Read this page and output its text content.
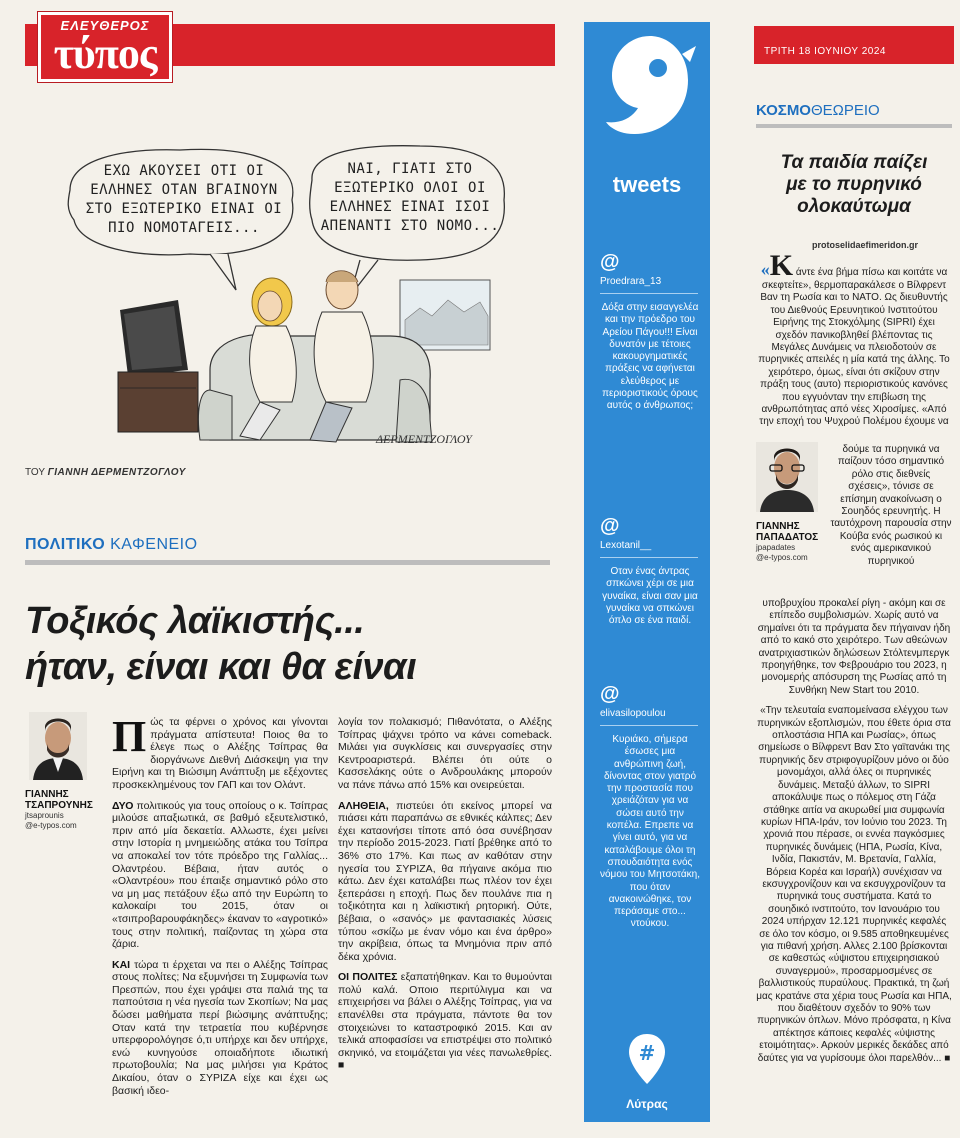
ΕΛΕΥΘΕΡΟΣ
τύπος
ΕΧΩ ΑΚΟΥΣΕΙ ΟΤΙ ΟΙ ΕΛΛΗΝΕΣ ΟΤΑΝ ΒΓΑΙΝΟΥΝ ΣΤΟ ΕΞΩΤΕΡΙΚΟ ΕΙΝΑΙ ΟΙ ΠΙΟ ΝΟΜΟΤΑΓΕΙΣ...
ΝΑΙ, ΓΙΑΤΙ ΣΤΟ ΕΞΩΤΕΡΙΚΟ ΟΛΟΙ ΟΙ ΕΛΛΗΝΕΣ ΕΙΝΑΙ ΙΣΟΙ ΑΠΕΝΑΝΤΙ ΣΤΟ ΝΟΜΟ...
ΔΕΡΜΕΝΤΖΟΓΛΟΥ
ΤΟΥ ΓΙΑΝΝΗ ΔΕΡΜΕΝΤΖΟΓΛΟΥ
ΠΟΛΙΤΙΚΟ ΚΑΦΕΝΕΙΟ
Τοξικός λαϊκιστής...
ήταν, είναι και θα είναι
ΓΙΑΝΝΗΣ
ΤΣΑΠΡΟΥΝΗΣ
jtsaprounis
@e-typos.com

Πώς τα φέρνει ο χρόνος και γίνονται πράγματα απίστευτα! Ποιος θα το έλεγε πως ο Αλέξης Τσίπρας θα διοργάνωνε Διεθνή Διάσκεψη για την Ειρήνη και τη Βιώσιμη Ανάπτυξη με εξέχοντες προσκεκλημένους τον ΓΑΠ και τον Ολάντ.

ΔΥΟ πολιτικούς για τους οποίους ο κ. Τσίπρας μιλούσε απαξιωτικά, σε βαθμό εξευτελιστικό, πριν από μία δεκαετία. Αλλωστε, έχει μείνει στην Ιστορία η μνημειώδης ατάκα του Τσίπρα να αποκαλεί τον τότε πρόεδρο της Γαλλίας... Ολαντρέου. Βέβαια, ήταν αυτός ο «Ολαντρέου» που έπαιξε σημαντικό ρόλο στο να μη μας πετάξουν έξω από την Ευρώπη το καλοκαίρι του 2015, όταν οι «τσιπροβαρουφάκηδες» έκαναν το «αγροτικό» τους στην πολιτική, παίζοντας τη χώρα στα ζάρια.

ΚΑΙ τώρα τι έρχεται να πει ο Αλέξης Τσίπρας στους πολίτες; Να εξυμνήσει τη Συμφωνία των Πρεσπών, που έχει γράψει στα παλιά της τα παπούτσια η νέα ηγεσία των Σκοπίων; Να μας δώσει μαθήματα περί βιώσιμης ανάπτυξης; Οταν κατά την τετραετία που κυβέρνησε υπερφορολόγησε ό,τι υπήρχε και δεν υπήρχε, ενώ κυνηγούσε οποιαδήποτε ιδιωτική πρωτοβουλία; Να μας μιλήσει για Κράτος Δικαίου, όταν ο ΣΥΡΙΖΑ είχε και έχει ως βασική ιδεο-

λογία τον πολακισμό; Πιθανότατα, ο Αλέξης Τσίπρας ψάχνει τρόπο να κάνει comeback. Μιλάει για συγκλίσεις και συνεργασίες στην Κεντροαριστερά. Βλέπει ότι ούτε ο Κασσελάκης ούτε ο Ανδρουλάκης μπορούν να πάνε πάνω από 15% και ονειρεύεται.

ΑΛΗΘΕΙΑ, πιστεύει ότι εκείνος μπορεί να πιάσει κάτι παραπάνω σε εθνικές κάλπες; Δεν έχει καταονήσει τίποτε από όσα συνέβησαν την περίοδο 2015-2023. Γιατί βρέθηκε από το 36% στο 17%. Και πως αν καθόταν στην ηγεσία του ΣΥΡΙΖΑ, θα πήγαινε ακόμα πιο κάτω. Δεν έχει καταλάβει πως πλέον τον έχει ξεπεράσει η εποχή. Πως δεν πουλάνε πια η τοξικότητα και η λαϊκιστική ρητορική. Ούτε, βέβαια, ο «σανός» με φαντασιακές λύσεις τύπου «σκίζω με έναν νόμο και ένα άρθρο» την ακρίβεια, όπως τα Μνημόνια πριν από δέκα χρόνια.

ΟΙ ΠΟΛΙΤΕΣ εξαπατήθηκαν. Και το θυμούνται πολύ καλά. Οποιο περιτύλιγμα και να επιχειρήσει να βάλει ο Αλέξης Τσίπρας, για να επανέλθει στα πράγματα, πάντοτε θα τον στοιχειώνει το καταστροφικό 2015. Και αν τελικά αποφασίσει να επιστρέψει στο πολιτικό σκηνικό, να ετοιμάζεται για νέες πανωλεθρίες. ■

tweets
@
Proedrara_13
Δόξα στην εισαγγελέα και την πρόεδρο του Αρείου Πάγου!!! Είναι δυνατόν με τέτοιες κακουργηματικές πράξεις να αφήνεται ελεύθερος με περιοριστικούς όρους αυτός ο άνθρωπος;
@
Lexotanil__
Οταν ένας άντρας σπκώνει χέρι σε μια γυναίκα, είναι σαν μια γυναίκα να σπκώνει όπλο σε ένα παιδί.
@
elivasilopoulou
Κυριάκο, σήμερα έσωσες μια ανθρώπινη ζωή, δίνοντας στον γιατρό την προστασία που χρειάζόταν για να σώσει αυτό την κοπέλα. Επρεπε να γίνει αυτό, για να καταλάβουμε όλοι τη σπουδαιότητα ενός νόμου του Μητσοτάκη, που όταν ανακοινώθηκε, τον περάσαμε στο... ντούκου.
#
Λύτρας
ΤΡΙΤΗ 18 ΙΟΥΝΙΟΥ 2024
ΚΟΣΜΟΘΕΩΡΕΙΟ
Τα παιδία παίζει
με το πυρηνικό
ολοκαύτωμα
protoselidaefimeridon.gr
«Κ άντε ένα βήμα πίσω και κοιτάτε να σκεφτείτε», θερμοπαρακάλεσε ο Βίλφρεντ Βαν τη Ρωσία και το ΝΑΤΟ. Ως διευθυντής του Διεθνούς Ερευνητικού Ινστιτούτου Ειρήνης της Στοκχόλμης (SIPRI) έχει σχεδόν πανικοβληθεί βλέποντας τις Μεγάλες Δυνάμεις να πλειοδοτούν σε πυρηνικές απειλές η μία κατά της άλλης. Το χειρότερο, όμως, είναι ότι σκίζουν στην πράξη τους (αυτο) περιοριστικούς κανόνες που εγγυόνταν την επιβίωση της ανθρωπότητας από νέες Χιροσίμες. «Από την εποχή του Ψυχρού Πολέμου έχουμε να
ΓΙΑΝΝΗΣ
ΠΑΠΑΔΑΤΟΣ
jpapadates
@e-typos.com
δούμε τα πυρηνικά να παίζουν τόσο σημαντικό ρόλο στις διεθνείς σχέσεις», τόνισε σε επίσημη ανακοίνωση ο Σουηδός ερευνητής. Η ταυτόχρονη παρουσία στην Κούβα ενός ρωσικού κι ενός αμερικανικού πυρηνικού

υποβρυχίου προκαλεί ρίγη - ακόμη και σε επίπεδο συμβολισμών. Χωρίς αυτό να σημαίνει ότι τα πράγματα δεν πήγαιναν ήδη από το κακό στο χειρότερο. Των αθεώνων ανατριχιαστικών δηλώσεων Στόλτενμπεργκ προηγήθηκε, τον Φεβρουάριο του 2023, η μονομερής απόσυρση της Ρωσίας από τη Συνθήκη New Start του 2010.

«Την τελευταία εναπομείνασα ελέγχου των πυρηνικών εξοπλισμών, που έθετε όρια στα οπλοστάσια ΗΠΑ και Ρωσίας», όπως σημείωσε ο Βίλφρεντ Βαν Στο γαϊτανάκι της πυρηνικής δεν στριφογυρίζουν μόνο οι δύο μονομάχοι, αλλά όλες οι πυρηνικές δυνάμεις. Μεταξύ άλλων, το SIPRI αποκάλυψε πως ο πόλεμος στη Γάζα στάθηκε αιτία να ακυρωθεί μια συμφωνία κυρίων ΗΠΑ-Ιράν, τον Ιούνιο του 2023. Τη χρονιά που πέρασε, οι εννέα παγκόσμιες πυρηνικές δυνάμεις (ΗΠΑ, Ρωσία, Κίνα, Ινδία, Πακιστάν, Μ. Βρετανία, Γαλλία, Βόρεια Κορέα και Ισραήλ) συνέχισαν να εκσυγχρονίζουν και να εκσυγχρονίζουν τα πυρηνικά τους συστήματα. Κατά το σουηδικό ινστιτούτο, τον Ιανουάριο του 2024 υπήρχαν 12.121 πυρηνικές κεφαλές σε όλο τον κόσμο, οι 9.585 αποθηκευμένες για πιθανή χρήση. Αλλες 2.100 βρίσκονται σε καθεστώς «ύψιστου επιχειρησιακού συναγερμού», προσαρμοσμένες σε βαλλιστικούς πυραύλους. Πρακτικά, τη ζωή μας κρατάνε στα χέρια τους Ρωσία και ΗΠΑ, που διαθέτουν σχεδόν το 90% των πυρηνικών όπλων. Μόνο πρόσφατα, η Κίνα απέκτησε κάποιες κεφαλές «ύψιστης ετοιμότητας». Αρκούν μερικές δεκάδες από δαύτες για να γυρίσουμε όλοι παρελθόν... ■
